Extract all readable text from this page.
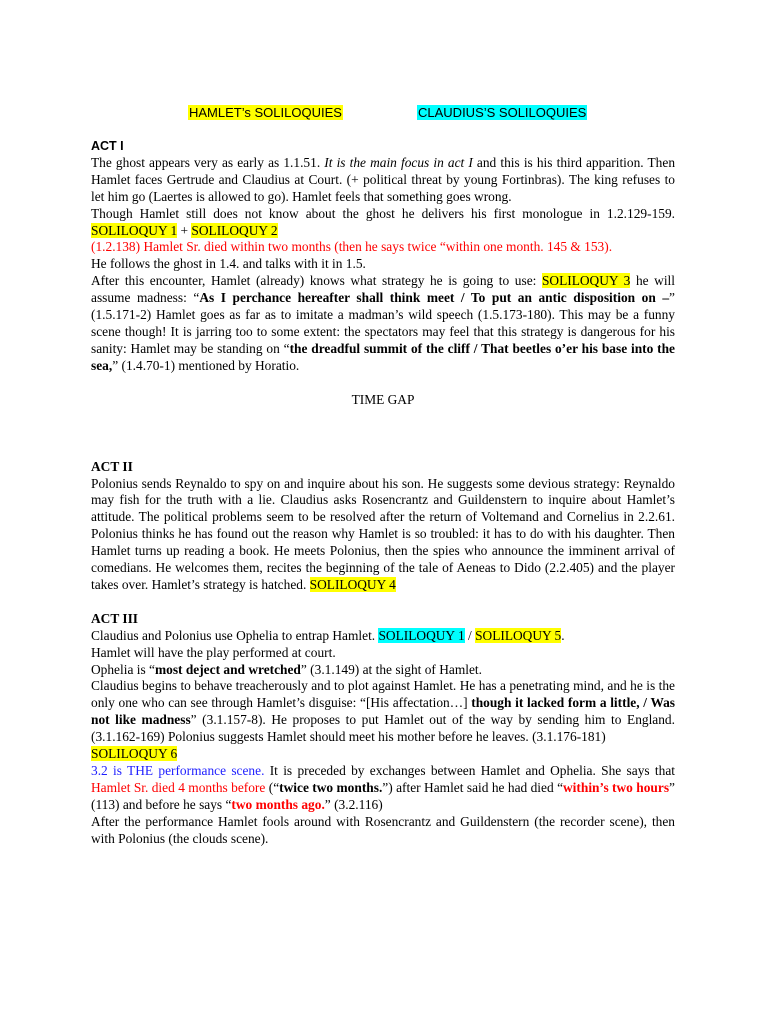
HAMLET’s SOLILOQUIES	CLAUDIUS’S SOLILOQUIES

ACT I

The ghost appears very as early as 1.1.51. It is the main focus in act I and this is his third apparition. Then Hamlet faces Gertrude and Claudius at Court. (+ political threat by young Fortinbras). The king refuses to let him go (Laertes is allowed to go). Hamlet feels that something goes wrong.

Though Hamlet still does not know about the ghost he delivers his first monologue in 1.2.129-159. SOLILOQUY 1 + SOLILOQUY 2

(1.2.138) Hamlet Sr. died within two months (then he says twice “within one month. 145 & 153).

He follows the ghost in 1.4. and talks with it in 1.5.

After this encounter, Hamlet (already) knows what strategy he is going to use: SOLILOQUY 3 he will assume madness: “As I perchance hereafter shall think meet / To put an antic disposition on –” (1.5.171-2) Hamlet goes as far as to imitate a madman’s wild speech (1.5.173-180). This may be a funny scene though! It is jarring too to some extent: the spectators may feel that this strategy is dangerous for his sanity: Hamlet may be standing on “the dreadful summit of the cliff / That beetles o’er his base into the sea,” (1.4.70-1) mentioned by Horatio.

TIME GAP

ACT II

Polonius sends Reynaldo to spy on and inquire about his son. He suggests some devious strategy: Reynaldo may fish for the truth with a lie. Claudius asks Rosencrantz and Guildenstern to inquire about Hamlet’s attitude. The political problems seem to be resolved after the return of Voltemand and Cornelius in 2.2.61. Polonius thinks he has found out the reason why Hamlet is so troubled: it has to do with his daughter. Then Hamlet turns up reading a book. He meets Polonius, then the spies who announce the imminent arrival of comedians. He welcomes them, recites the beginning of the tale of Aeneas to Dido (2.2.405) and the player takes over. Hamlet’s strategy is hatched. SOLILOQUY 4

ACT III

Claudius and Polonius use Ophelia to entrap Hamlet. SOLILOQUY 1 / SOLILOQUY 5.

Hamlet will have the play performed at court.

Ophelia is “most deject and wretched” (3.1.149) at the sight of Hamlet.

Claudius begins to behave treacherously and to plot against Hamlet. He has a penetrating mind, and he is the only one who can see through Hamlet’s disguise: “[His affectation…] though it lacked form a little, / Was not like madness” (3.1.157-8). He proposes to put Hamlet out of the way by sending him to England. (3.1.162-169) Polonius suggests Hamlet should meet his mother before he leaves. (3.1.176-181)

SOLILOQUY 6

3.2 is THE performance scene. It is preceded by exchanges between Hamlet and Ophelia. She says that Hamlet Sr. died 4 months before (“twice two months.”) after Hamlet said he had died “within’s two hours” (113) and before he says “two months ago.” (3.2.116)

After the performance Hamlet fools around with Rosencrantz and Guildenstern (the recorder scene), then with Polonius (the clouds scene).
